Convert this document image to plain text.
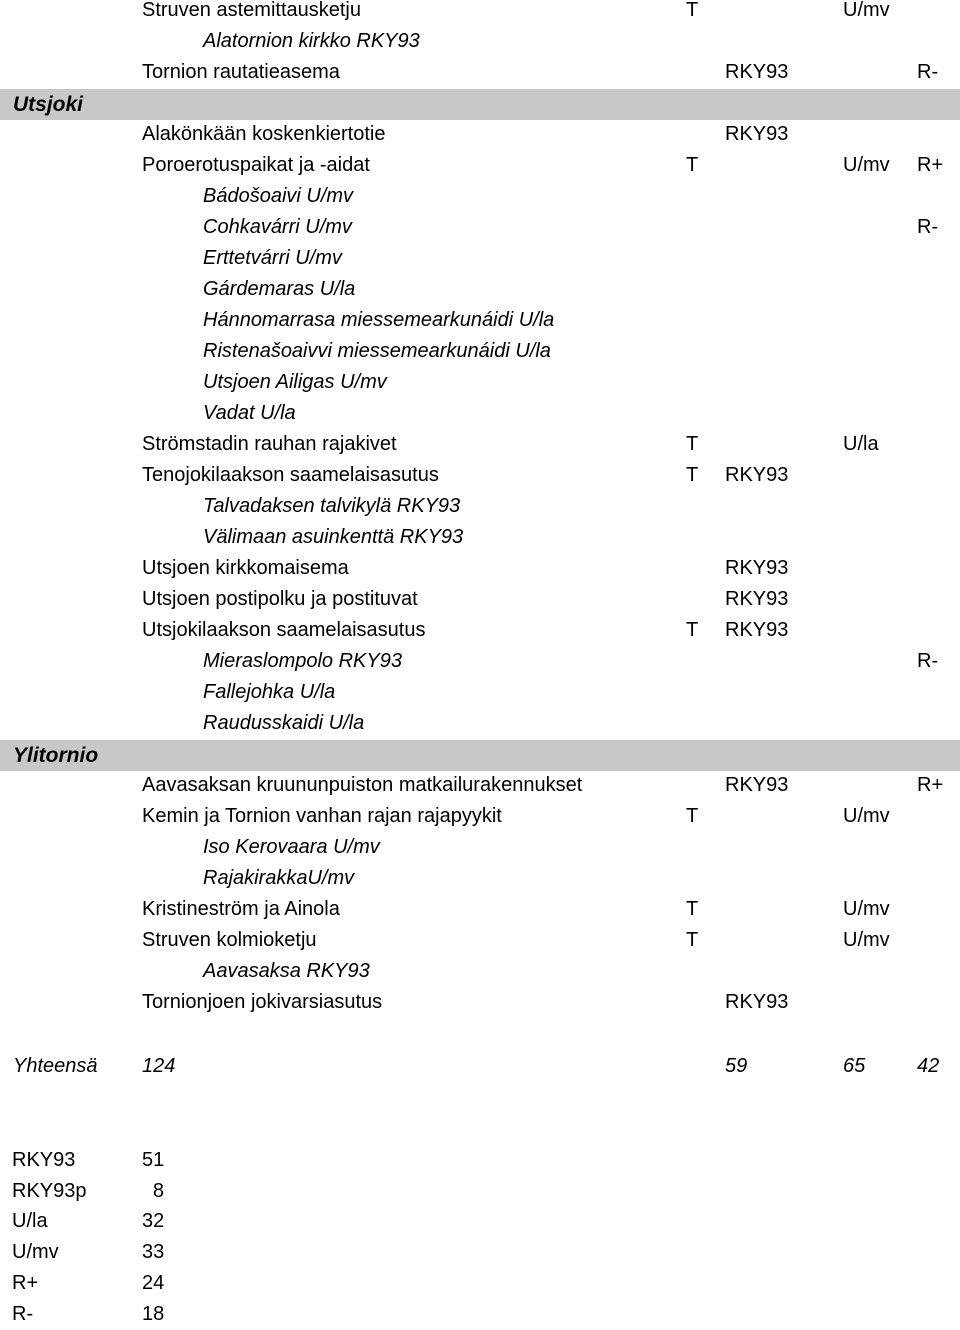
Struven astemittausketju	T	U/mv
Alatornion kirkko RKY93
Tornion rautatieasema	RKY93	R-
Utsjoki
Alakönkään koskenkiertotie	RKY93
Poroerotuspaikat ja -aidat	T	U/mv R+
Bádošoaivi U/mv
Cohkavárri U/mv	R-
Erttetvárri U/mv
Gárdemaras U/la
Hánnomarrasa miessemearkunáidi U/la
Ristenašoaivvi miessemearkunáidi U/la
Utsjoen Ailigas U/mv
Vadat U/la
Strömstadin rauhan rajakivet	T	U/la
Tenojokilaakson saamelaisasutus	T RKY93
Talvadaksen talvikylä RKY93
Välimaan asuinkenttä RKY93
Utsjoen kirkkomaisema	RKY93
Utsjoen postipolku ja postituvat	RKY93
Utsjokilaakson saamelaisasutus	T RKY93
Mieraslompolo RKY93	R-
Fallejohka U/la
Raudusskaidi U/la
Ylitornio
Aavasaksan kruununpuiston matkailurakennukset	RKY93	R+
Kemin ja Tornion vanhan rajan rajapyykit	T	U/mv
Iso Kerovaara U/mv
RajakirakkaU/mv
Kristineström ja Ainola	T	U/mv
Struven kolmioketju	T	U/mv
Aavasaksa RKY93
Tornionjoen jokivarsiasutus	RKY93
Yhteensä 124	59	65	42
RKY93	51
RKY93p	8
U/la	32
U/mv	33
R+	24
R-	18
